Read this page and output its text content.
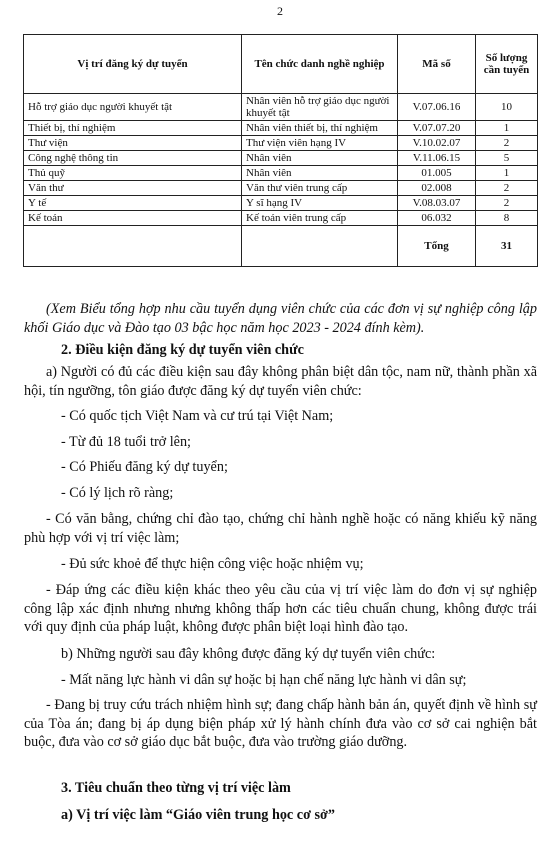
2
Vị trí đăng ký dự tuyển	Tên chức danh nghề nghiệp	Mã số	Số lượng cần tuyển
Hỗ trợ giáo dục người khuyết tật	Nhân viên hỗ trợ giáo dục người khuyết tật	V.07.06.16	10
Thiết bị, thí nghiệm	Nhân viên thiết bị, thí nghiệm	V.07.07.20	1
Thư viện	Thư viện viên hạng IV	V.10.02.07	2
Công nghệ thông tin	Nhân viên	V.11.06.15	5
Thủ quỹ	Nhân viên	01.005	1
Văn thư	Văn thư viên trung cấp	02.008	2
Y tế	Y sĩ hạng IV	V.08.03.07	2
Kế toán	Kế toán viên trung cấp	06.032	8
		Tổng	31

(Xem Biểu tổng hợp nhu cầu tuyển dụng viên chức của các đơn vị sự nghiệp công lập khối Giáo dục và Đào tạo 03 bậc học năm học 2023 - 2024 đính kèm).

2. Điều kiện đăng ký dự tuyển viên chức

a) Người có đủ các điều kiện sau đây không phân biệt dân tộc, nam nữ, thành phần xã hội, tín ngưỡng, tôn giáo được đăng ký dự tuyển viên chức:

- Có quốc tịch Việt Nam và cư trú tại Việt Nam;

- Từ đủ 18 tuổi trở lên;

- Có Phiếu đăng ký dự tuyển;

- Có lý lịch rõ ràng;

- Có văn bằng, chứng chỉ đào tạo, chứng chỉ hành nghề hoặc có năng khiếu kỹ năng phù hợp với vị trí việc làm;

- Đủ sức khoẻ để thực hiện công việc hoặc nhiệm vụ;

- Đáp ứng các điều kiện khác theo yêu cầu của vị trí việc làm do đơn vị sự nghiệp công lập xác định nhưng nhưng không thấp hơn các tiêu chuẩn chung, không được trái với quy định của pháp luật, không được phân biệt loại hình đào tạo.

b) Những người sau đây không được đăng ký dự tuyển viên chức:

- Mất năng lực hành vi dân sự hoặc bị hạn chế năng lực hành vi dân sự;

- Đang bị truy cứu trách nhiệm hình sự; đang chấp hành bản án, quyết định về hình sự của Tòa án; đang bị áp dụng biện pháp xử lý hành chính đưa vào cơ sở cai nghiện bắt buộc, đưa vào cơ sở giáo dục bắt buộc, đưa vào trường giáo dưỡng.

3. Tiêu chuẩn theo từng vị trí việc làm

a) Vị trí việc làm “Giáo viên trung học cơ sở”
